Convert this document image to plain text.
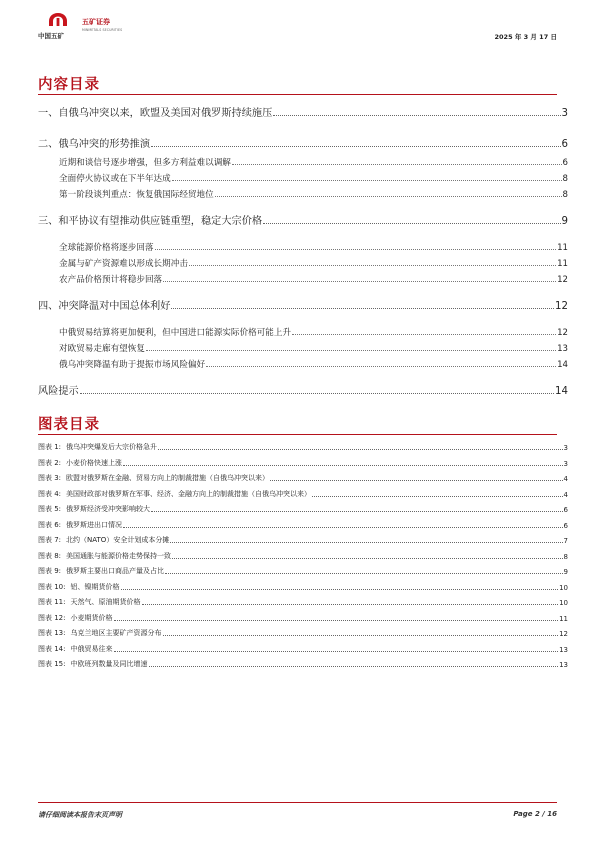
中国五矿
五矿证券
MINMETALS SECURITIES
2025 年 3 月 17 日
内容目录
一、自俄乌冲突以来，欧盟及美国对俄罗斯持续施压	3
二、俄乌冲突的形势推演	6
近期和谈信号逐步增强，但多方利益难以调解	6
全面停火协议或在下半年达成	8
第一阶段谈判重点：恢复俄国际经贸地位	8
三、和平协议有望推动供应链重塑，稳定大宗价格	9
全球能源价格将逐步回落	11
金属与矿产资源难以形成长期冲击	11
农产品价格预计将稳步回落	12
四、冲突降温对中国总体利好	12
中俄贸易结算将更加便利，但中国进口能源实际价格可能上升	12
对欧贸易走廊有望恢复	13
俄乌冲突降温有助于提振市场风险偏好	14
风险提示	14
图表目录
图表 1: 俄乌冲突爆发后大宗价格急升	3
图表 2: 小麦价格快速上涨	3
图表 3: 欧盟对俄罗斯在金融、贸易方向上的制裁措施（自俄乌冲突以来）	4
图表 4: 美国财政部对俄罗斯在军事、经济、金融方向上的制裁措施（自俄乌冲突以来）	4
图表 5: 俄罗斯经济受冲突影响较大	6
图表 6: 俄罗斯进出口情况	6
图表 7: 北约（NATO）安全计划成本分摊	7
图表 8: 美国通胀与能源价格走势保持一致	8
图表 9: 俄罗斯主要出口商品产量及占比	9
图表 10: 铝、镍期货价格	10
图表 11: 天然气、原油期货价格	10
图表 12: 小麦期货价格	11
图表 13: 乌克兰地区主要矿产资源分布	12
图表 14: 中俄贸易往来	13
图表 15: 中欧班列数量及同比增速	13
请仔细阅读本报告末页声明	Page 2 / 16
